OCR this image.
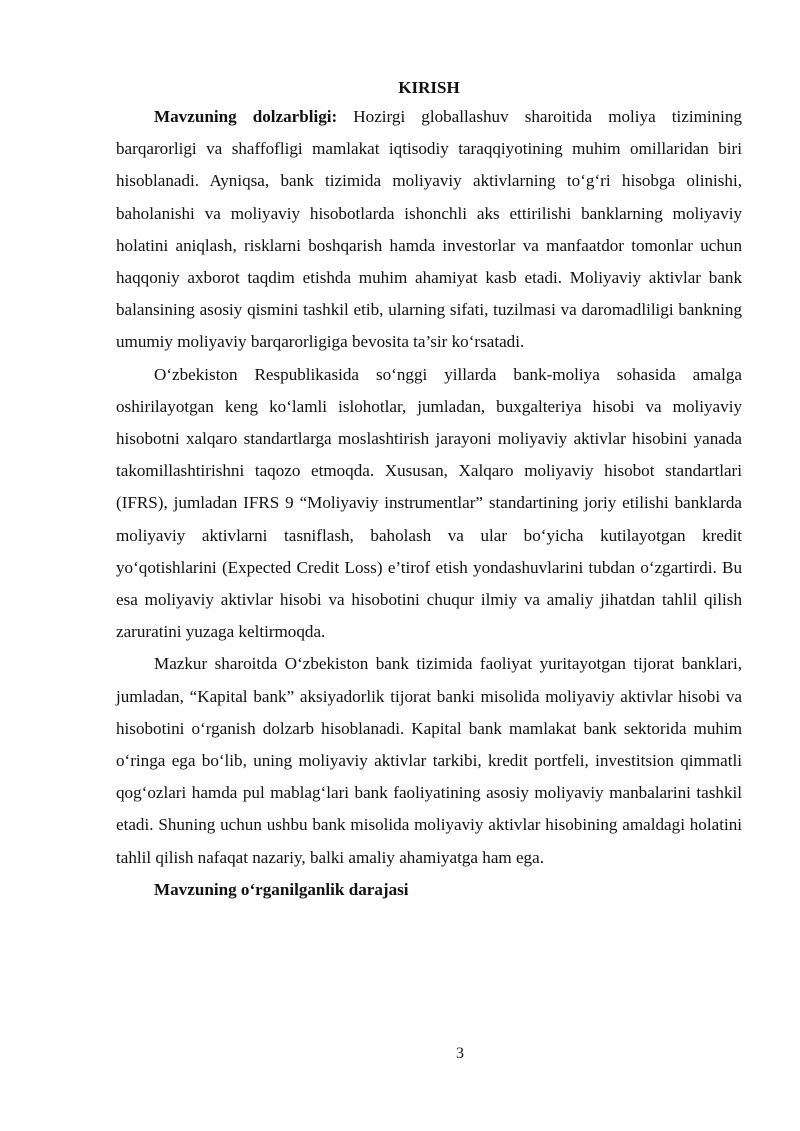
KIRISH

Mavzuning dolzarbligi: Hozirgi globallashuv sharoitida moliya tizimining barqarorligi va shaffofligi mamlakat iqtisodiy taraqqiyotining muhim omillaridan biri hisoblanadi. Ayniqsa, bank tizimida moliyaviy aktivlarning to‘g‘ri hisobga olinishi, baholanishi va moliyaviy hisobotlarda ishonchli aks ettirilishi banklarning moliyaviy holatini aniqlash, risklarni boshqarish hamda investorlar va manfaatdor tomonlar uchun haqqoniy axborot taqdim etishda muhim ahamiyat kasb etadi. Moliyaviy aktivlar bank balansining asosiy qismini tashkil etib, ularning sifati, tuzilmasi va daromadliligi bankning umumiy moliyaviy barqarorligiga bevosita ta’sir ko‘rsatadi.

O‘zbekiston Respublikasida so‘nggi yillarda bank-moliya sohasida amalga oshirilayotgan keng ko‘lamli islohotlar, jumladan, buxgalteriya hisobi va moliyaviy hisobotni xalqaro standartlarga moslashtirish jarayoni moliyaviy aktivlar hisobini yanada takomillashtirishni taqozo etmoqda. Xususan, Xalqaro moliyaviy hisobot standartlari (IFRS), jumladan IFRS 9 “Moliyaviy instrumentlar” standartining joriy etilishi banklarda moliyaviy aktivlarni tasniflash, baholash va ular bo‘yicha kutilayotgan kredit yo‘qotishlarini (Expected Credit Loss) e’tirof etish yondashuvlarini tubdan o‘zgartirdi. Bu esa moliyaviy aktivlar hisobi va hisobotini chuqur ilmiy va amaliy jihatdan tahlil qilish zaruratini yuzaga keltirmoqda.

Mazkur sharoitda O‘zbekiston bank tizimida faoliyat yuritayotgan tijorat banklari, jumladan, “Kapital bank” aksiyadorlik tijorat banki misolida moliyaviy aktivlar hisobi va hisobotini o‘rganish dolzarb hisoblanadi. Kapital bank mamlakat bank sektorida muhim o‘ringa ega bo‘lib, uning moliyaviy aktivlar tarkibi, kredit portfeli, investitsion qimmatli qog‘ozlari hamda pul mablag‘lari bank faoliyatining asosiy moliyaviy manbalarini tashkil etadi. Shuning uchun ushbu bank misolida moliyaviy aktivlar hisobining amaldagi holatini tahlil qilish nafaqat nazariy, balki amaliy ahamiyatga ham ega.

Mavzuning o‘rganilganlik darajasi

3
